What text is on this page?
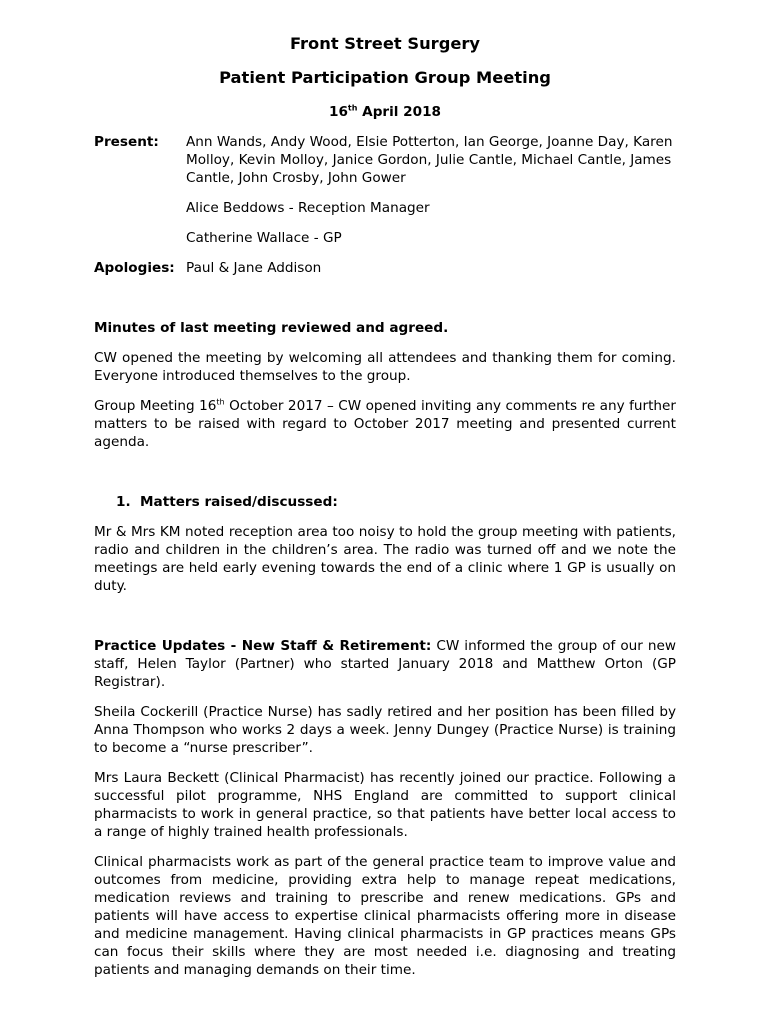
Front Street Surgery
Patient Participation Group Meeting
16th April 2018
Present: Ann Wands, Andy Wood, Elsie Potterton, Ian George, Joanne Day, Karen Molloy, Kevin Molloy, Janice Gordon, Julie Cantle, Michael Cantle, James Cantle, John Crosby, John Gower
Alice Beddows - Reception Manager
Catherine Wallace - GP
Apologies: Paul & Jane Addison
Minutes of last meeting reviewed and agreed.
CW opened the meeting by welcoming all attendees and thanking them for coming. Everyone introduced themselves to the group.
Group Meeting 16th October 2017 – CW opened inviting any comments re any further matters to be raised with regard to October 2017 meeting and presented current agenda.
1. Matters raised/discussed:
Mr & Mrs KM noted reception area too noisy to hold the group meeting with patients, radio and children in the children’s area. The radio was turned off and we note the meetings are held early evening towards the end of a clinic where 1 GP is usually on duty.
Practice Updates - New Staff & Retirement: CW informed the group of our new staff, Helen Taylor (Partner) who started January 2018 and Matthew Orton (GP Registrar).
Sheila Cockerill (Practice Nurse) has sadly retired and her position has been filled by Anna Thompson who works 2 days a week. Jenny Dungey (Practice Nurse) is training to become a “nurse prescriber”.
Mrs Laura Beckett (Clinical Pharmacist) has recently joined our practice. Following a successful pilot programme, NHS England are committed to support clinical pharmacists to work in general practice, so that patients have better local access to a range of highly trained health professionals.
Clinical pharmacists work as part of the general practice team to improve value and outcomes from medicine, providing extra help to manage repeat medications, medication reviews and training to prescribe and renew medications. GPs and patients will have access to expertise clinical pharmacists offering more in disease and medicine management. Having clinical pharmacists in GP practices means GPs can focus their skills where they are most needed i.e. diagnosing and treating patients and managing demands on their time.
